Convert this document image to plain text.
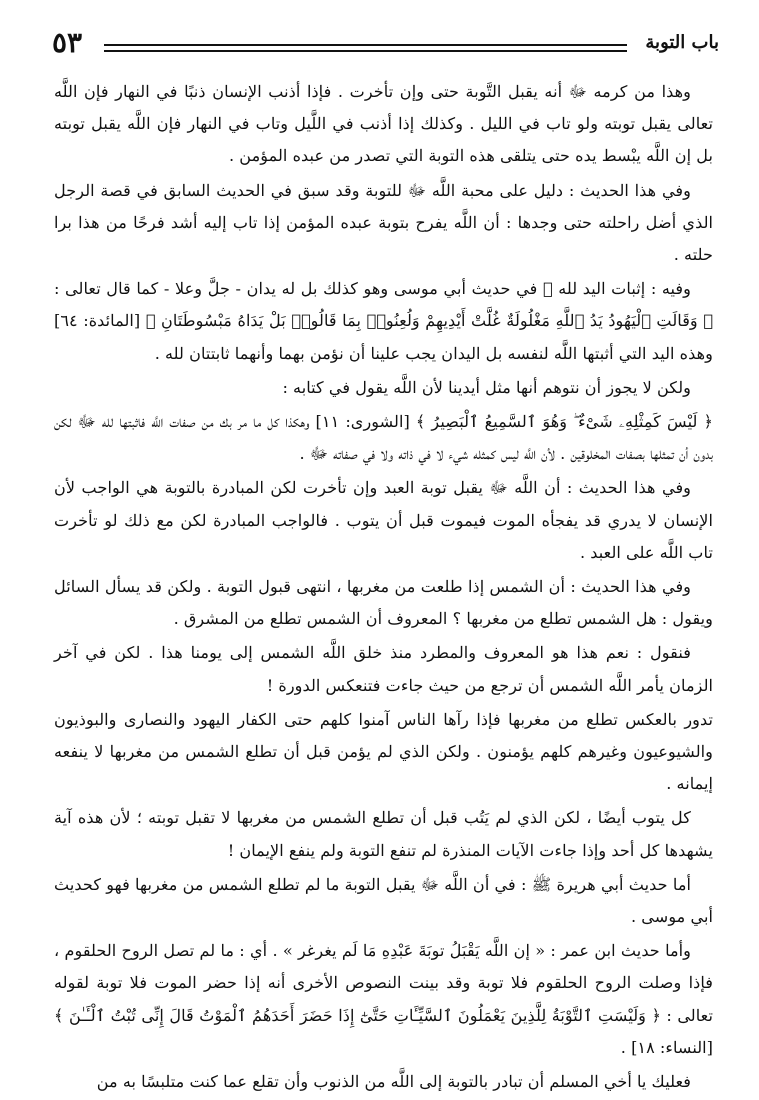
باب التوبة
٥٣

وهذا من كرمه ﷻ أنه يقبل التَّوبة حتى وإن تأخرت . فإذا أذنب الإنسان ذنبًا في النهار فإن اللَّه تعالى يقبل توبته ولو تاب في الليل . وكذلك إذا أذنب في اللَّيل وتاب في النهار فإن اللَّه يقبل توبته بل إن اللَّه يبْسط يده حتى يتلقى هذه التوبة التي تصدر من عبده المؤمن .

وفي هذا الحديث : دليل على محبة اللَّه ﷻ للتوبة وقد سبق في الحديث السابق في قصة الرجل الذي أضل راحلته حتى وجدها : أن اللَّه يفرح بتوبة عبده المؤمن إذا تاب إليه أشد فرحًا من هذا برا حلته .

وفيه : إثبات اليد لله ﷻ في حديث أبي موسى وهو كذلك بل له يدان - جلَّ وعلا - كما قال تعالى : ﴿ وَقَالَتِ ٱلْيَهُودُ يَدُ ٱللَّهِ مَغْلُولَةٌ غُلَّتْ أَيْدِيهِمْ وَلُعِنُوا۟ بِمَا قَالُوا۟ بَلْ يَدَاهُ مَبْسُوطَتَانِ ﴾ [المائدة: ٦٤] وهذه اليد التي أثبتها اللَّه لنفسه بل اليدان يجب علينا أن نؤمن بهما وأنهما ثابتتان لله .

ولكن لا يجوز أن نتوهم أنها مثل أيدينا لأن اللَّه يقول في كتابه :

﴿ لَيْسَ كَمِثْلِهِۦ شَىْءٌ ۖ وَهُوَ ٱلسَّمِيعُ ٱلْبَصِيرُ ﴾ [الشورى: ١١] وهكذا كل ما مر بك من صفات اللَّه فاثبتها لله ﷻ لكن بدون أن تمثلها بصفات المخلوقين . لأن اللَّه ليس كمثله شيء لا في ذاته ولا في صفاته ﷻ .

وفي هذا الحديث : أن اللَّه ﷻ يقبل توبة العبد وإن تأخرت لكن المبادرة بالتوبة هي الواجب لأن الإنسان لا يدري قد يفجأه الموت فيموت قبل أن يتوب . فالواجب المبادرة لكن مع ذلك لو تأخرت تاب اللَّه على العبد .

وفي هذا الحديث : أن الشمس إذا طلعت من مغربها ، انتهى قبول التوبة . ولكن قد يسأل السائل ويقول : هل الشمس تطلع من مغربها ؟ المعروف أن الشمس تطلع من المشرق .

فنقول : نعم هذا هو المعروف والمطرد منذ خلق اللَّه الشمس إلى يومنا هذا . لكن في آخر الزمان يأمر اللَّه الشمس أن ترجع من حيث جاءت فتنعكس الدورة !

تدور بالعكس تطلع من مغربها فإذا رآها الناس آمنوا كلهم حتى الكفار اليهود والنصارى والبوذيون والشيوعيون وغيرهم كلهم يؤمنون . ولكن الذي لم يؤمن قبل أن تطلع الشمس من مغربها لا ينفعه إيمانه .

كل يتوب أيضًا ، لكن الذي لم يَتُب قبل أن تطلع الشمس من مغربها لا تقبل توبته ؛ لأن هذه آية يشهدها كل أحد وإذا جاءت الآيات المنذرة لم تنفع التوبة ولم ينفع الإيمان !

أما حديث أبي هريرة ﷺ : في أن اللَّه ﷻ يقبل التوبة ما لم تطلع الشمس من مغربها فهو كحديث أبي موسى .

وأما حديث ابن عمر : « إن اللَّه يَقْبَلُ توبَةَ عَبْدِهِ مَا لَم يغرغر » . أي : ما لم تصل الروح الحلقوم ، فإذا وصلت الروح الحلقوم فلا توبة وقد بينت النصوص الأخرى أنه إذا حضر الموت فلا توبة لقوله تعالى : ﴿ وَلَيْسَتِ ٱلتَّوْبَةُ لِلَّذِينَ يَعْمَلُونَ ٱلسَّيِّـَٔاتِ حَتَّىٰٓ إِذَا حَضَرَ أَحَدَهُمُ ٱلْمَوْتُ قَالَ إِنِّى تُبْتُ ٱلْـَٔـٰنَ ﴾ [النساء: ١٨] .

فعليك يا أخي المسلم أن تبادر بالتوبة إلى اللَّه من الذنوب وأن تقلع عما كنت متلبسًا به من
